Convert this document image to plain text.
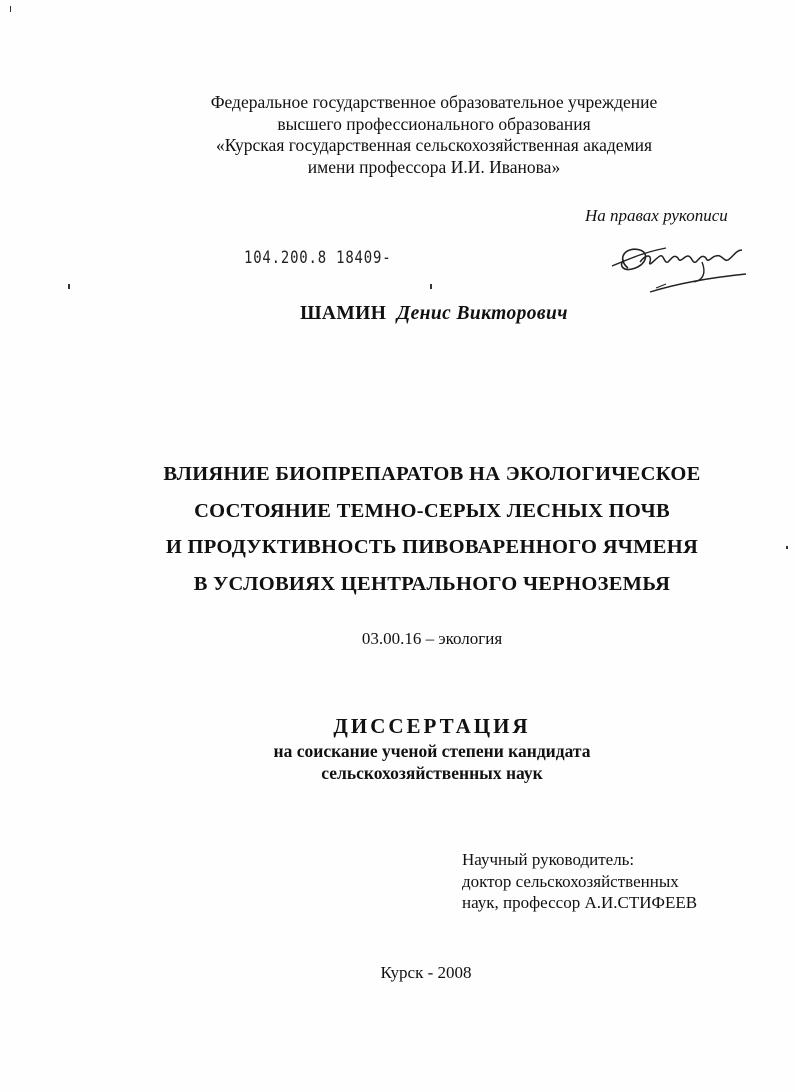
Федеральное государственное образовательное учреждение
высшего профессионального образования
«Курская государственная сельскохозяйственная академия
имени профессора И.И. Иванова»
На правах рукописи
104.200.8 18409-
ШАМИН Денис Викторович
ВЛИЯНИЕ БИОПРЕПАРАТОВ НА ЭКОЛОГИЧЕСКОЕ
СОСТОЯНИЕ ТЕМНО-СЕРЫХ ЛЕСНЫХ ПОЧВ
И ПРОДУКТИВНОСТЬ ПИВОВАРЕННОГО ЯЧМЕНЯ
В УСЛОВИЯХ ЦЕНТРАЛЬНОГО ЧЕРНОЗЕМЬЯ
03.00.16 – экология
ДИССЕРТАЦИЯ
на соискание ученой степени кандидата
сельскохозяйственных наук
Научный руководитель:
доктор сельскохозяйственных
наук, профессор А.И.СТИФЕЕВ
Курск - 2008
